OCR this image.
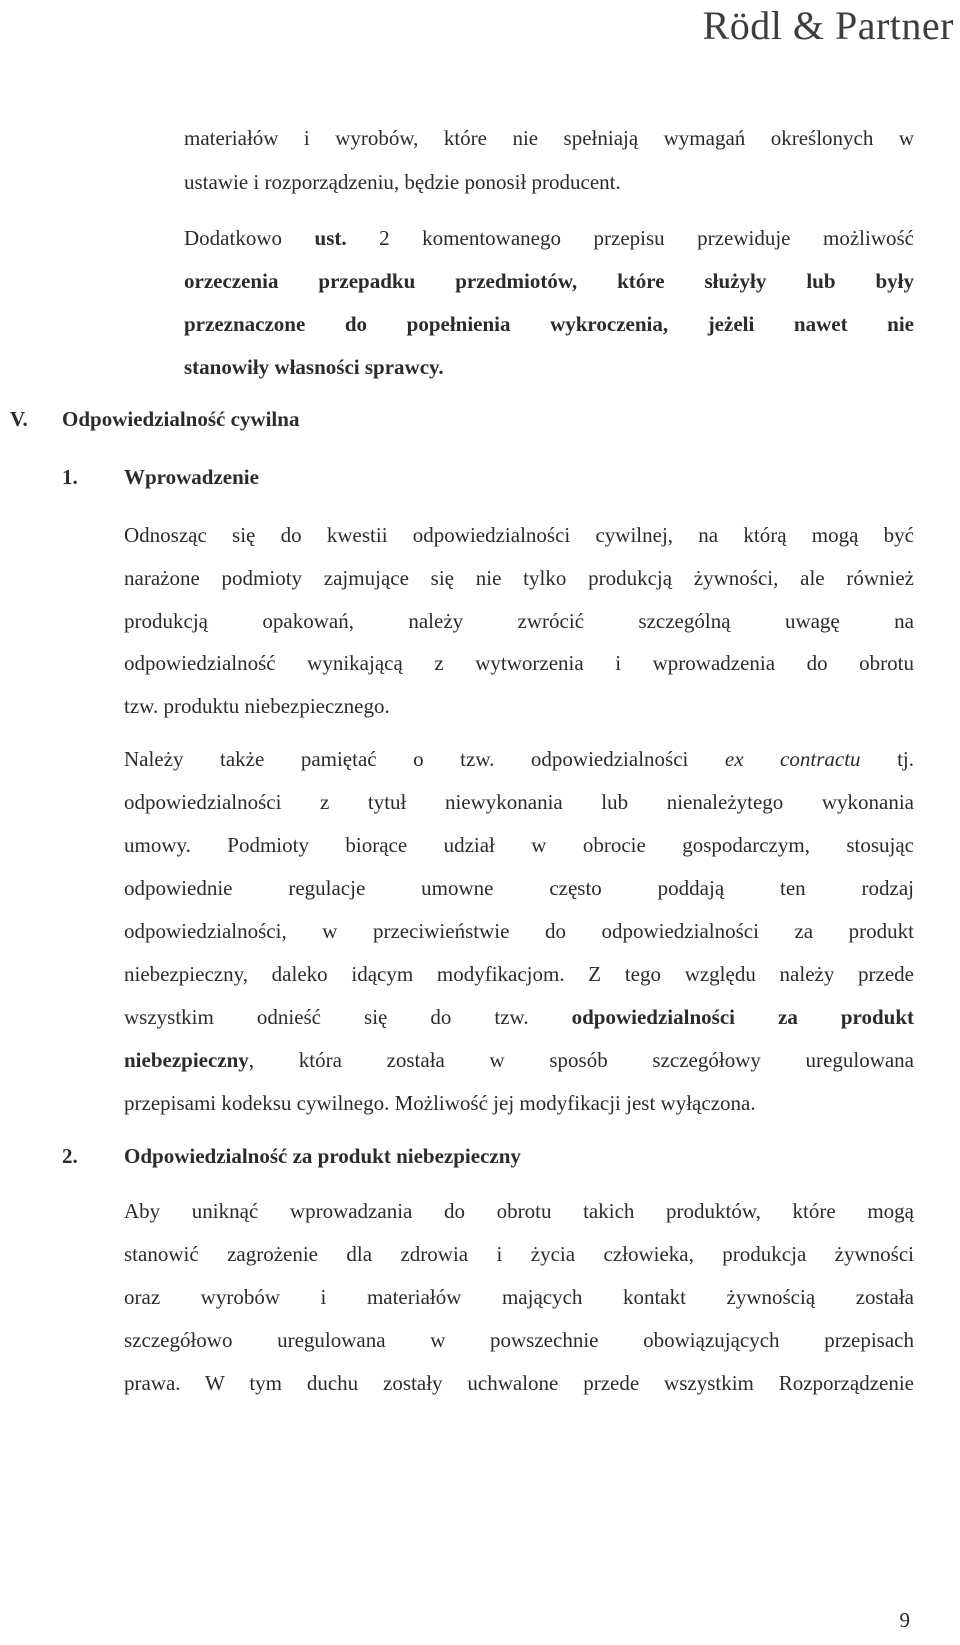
Rödl & Partner
materiałów i wyrobów, które nie spełniają wymagań określonych w
ustawie i rozporządzeniu, będzie ponosił producent.
Dodatkowo ust. 2 komentowanego przepisu przewiduje możliwość
orzeczenia przepadku przedmiotów, które służyły lub były
przeznaczone do popełnienia wykroczenia, jeżeli nawet nie
stanowiły własności sprawcy.
V. Odpowiedzialność cywilna
1. Wprowadzenie
Odnosząc się do kwestii odpowiedzialności cywilnej, na którą mogą być
narażone podmioty zajmujące się nie tylko produkcją żywności, ale również
produkcją opakowań, należy zwrócić szczególną uwagę na
odpowiedzialność wynikającą z wytworzenia i wprowadzenia do obrotu
tzw. produktu niebezpiecznego.
Należy także pamiętać o tzw. odpowiedzialności ex contractu tj.
odpowiedzialności z tytuł niewykonania lub nienależytego wykonania
umowy. Podmioty biorące udział w obrocie gospodarczym, stosując
odpowiednie regulacje umowne często poddają ten rodzaj
odpowiedzialności, w przeciwieństwie do odpowiedzialności za produkt
niebezpieczny, daleko idącym modyfikacjom. Z tego względu należy przede
wszystkim odnieść się do tzw. odpowiedzialności za produkt
niebezpieczny, która została w sposób szczegółowy uregulowana
przepisami kodeksu cywilnego. Możliwość jej modyfikacji jest wyłączona.
2. Odpowiedzialność za produkt niebezpieczny
Aby uniknąć wprowadzania do obrotu takich produktów, które mogą
stanowić zagrożenie dla zdrowia i życia człowieka, produkcja żywności
oraz wyrobów i materiałów mających kontakt żywnością została
szczegółowo uregulowana w powszechnie obowiązujących przepisach
prawa. W tym duchu zostały uchwalone przede wszystkim Rozporządzenie
9
